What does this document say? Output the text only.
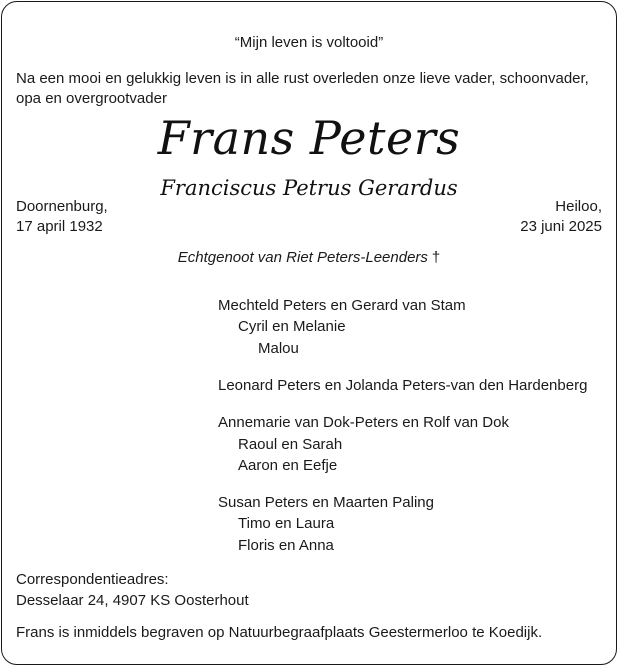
“Mijn leven is voltooid”
Na een mooi en gelukkig leven is in alle rust overleden onze lieve vader, schoonvader, opa en overgrootvader
Frans Peters
Franciscus Petrus Gerardus
Doornenburg,
17 april 1932
Heiloo,
23 juni 2025
Echtgenoot van Riet Peters-Leenders †
Mechteld Peters en Gerard van Stam
Cyril en Melanie
Malou
Leonard Peters en Jolanda Peters-van den Hardenberg
Annemarie van Dok-Peters en Rolf van Dok
Raoul en Sarah
Aaron en Eefje
Susan Peters en Maarten Paling
Timo en Laura
Floris en Anna
Correspondentieadres:
Desselaar 24, 4907 KS Oosterhout
Frans is inmiddels begraven op Natuurbegraafplaats Geestermerloo te Koedijk.
